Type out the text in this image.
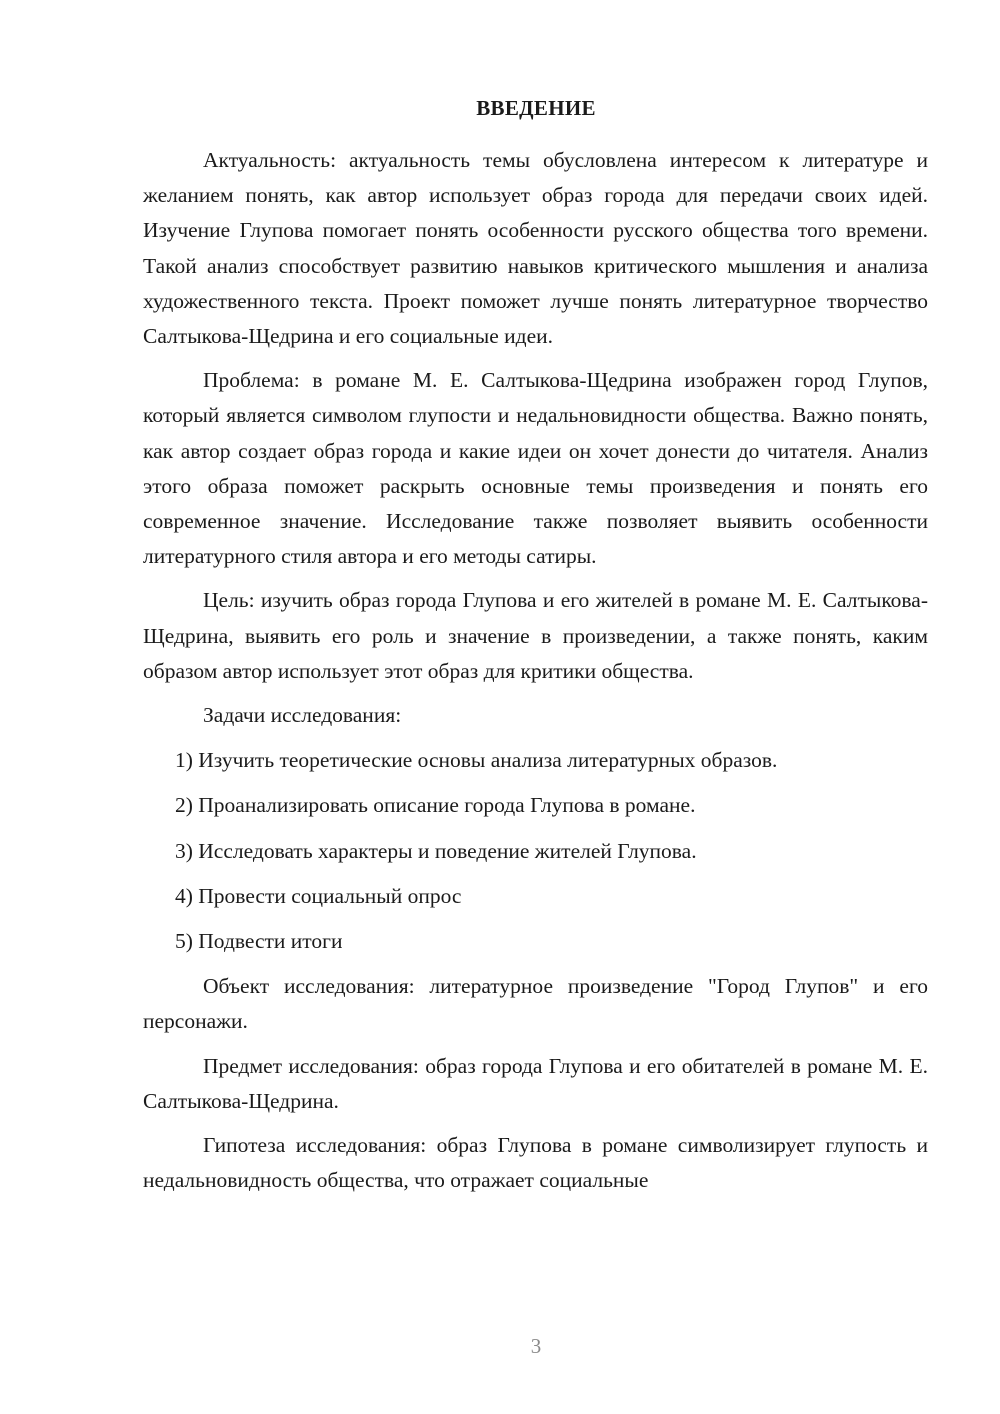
ВВЕДЕНИЕ

Актуальность: актуальность темы обусловлена интересом к литературе и желанием понять, как автор использует образ города для передачи своих идей. Изучение Глупова помогает понять особенности русского общества того времени. Такой анализ способствует развитию навыков критического мышления и анализа художественного текста. Проект поможет лучше понять литературное творчество Салтыкова-Щедрина и его социальные идеи.

Проблема: в романе М. Е. Салтыкова-Щедрина изображен город Глупов, который является символом глупости и недальновидности общества. Важно понять, как автор создает образ города и какие идеи он хочет донести до читателя. Анализ этого образа поможет раскрыть основные темы произведения и понять его современное значение. Исследование также позволяет выявить особенности литературного стиля автора и его методы сатиры.

Цель: изучить образ города Глупова и его жителей в романе М. Е. Салтыкова-Щедрина, выявить его роль и значение в произведении, а также понять, каким образом автор использует этот образ для критики общества.

Задачи исследования:

1) Изучить теоретические основы анализа литературных образов.

2) Проанализировать описание города Глупова в романе.

3) Исследовать характеры и поведение жителей Глупова.

4) Провести социальный опрос

5) Подвести итоги

Объект исследования: литературное произведение "Город Глупов" и его персонажи.

Предмет исследования: образ города Глупова и его обитателей в романе М. Е. Салтыкова-Щедрина.

Гипотеза исследования: образ Глупова в романе символизирует глупость и недальновидность общества, что отражает социальные

3
